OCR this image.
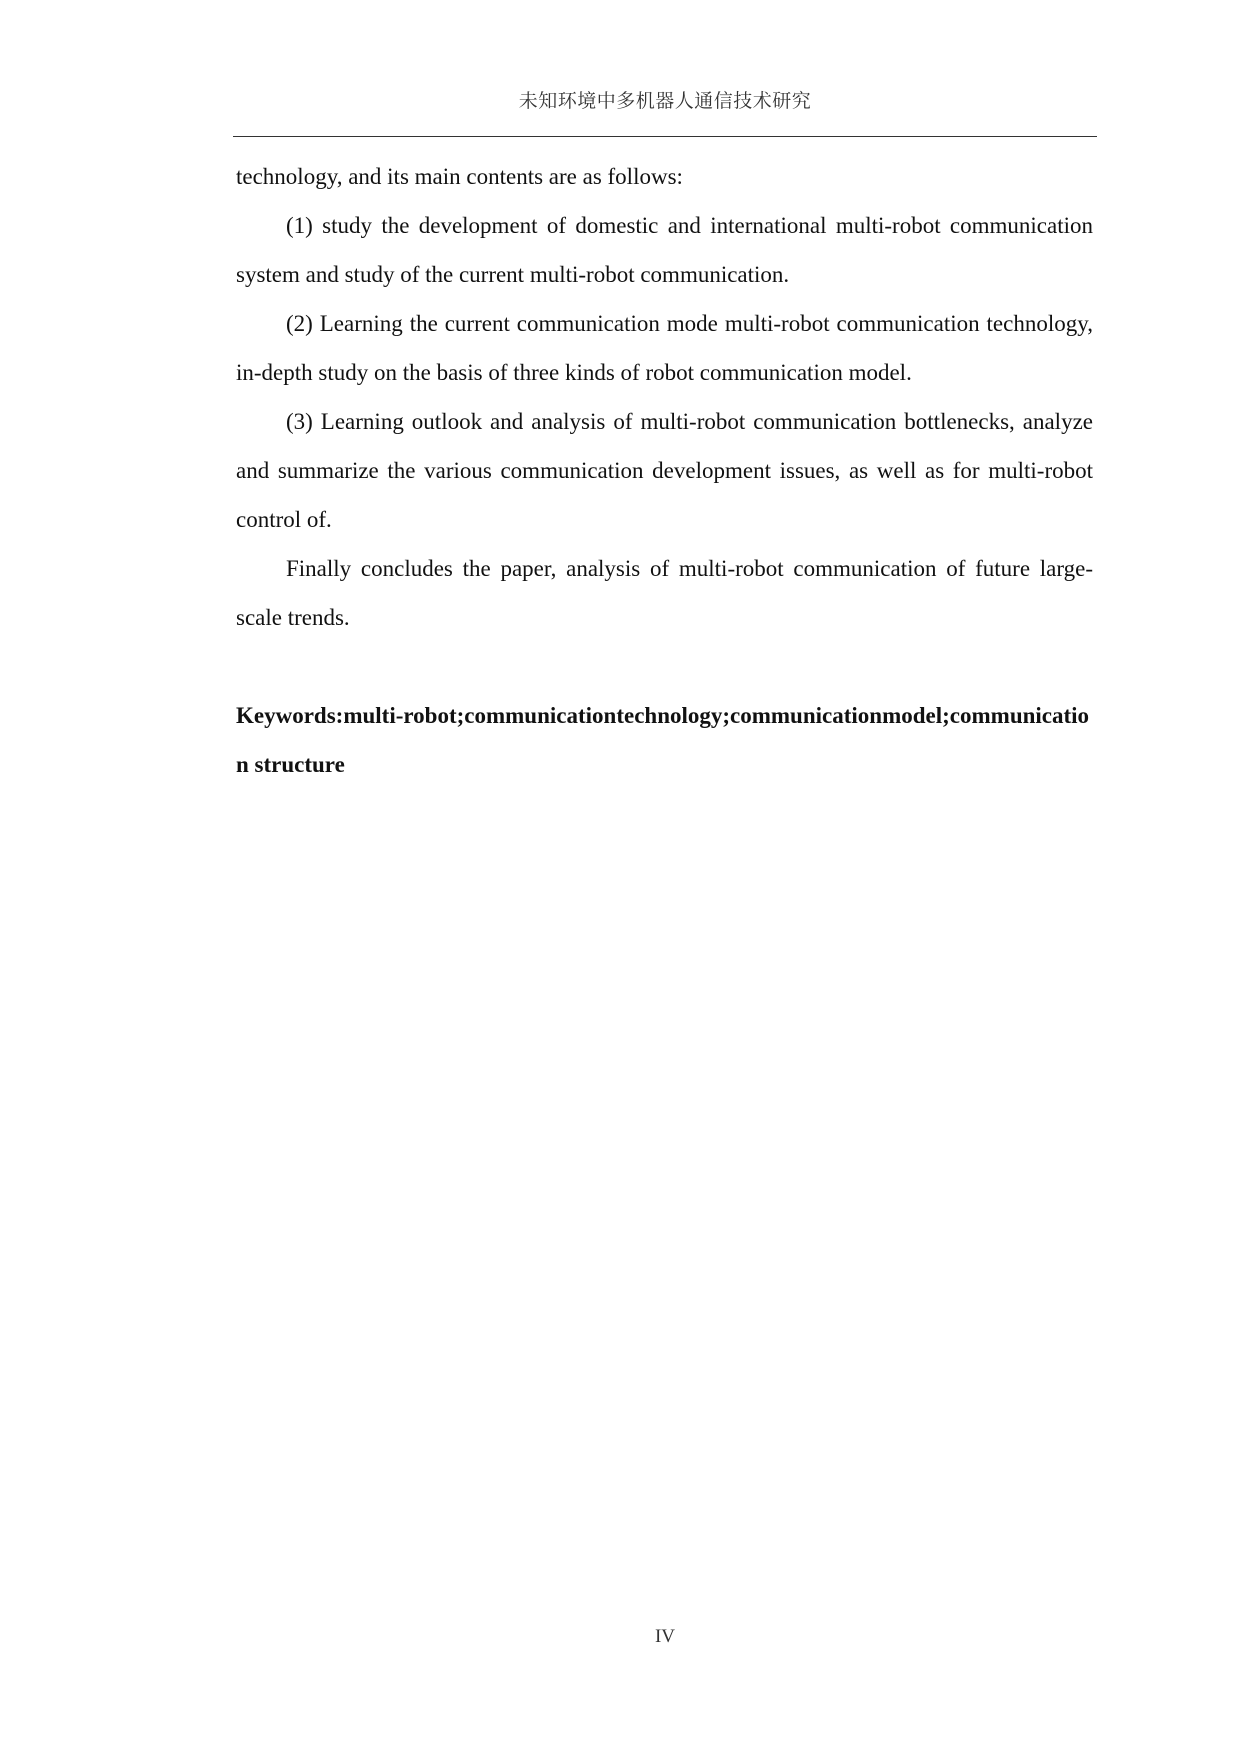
未知环境中多机器人通信技术研究

technology, and its main contents are as follows:

(1) study the development of domestic and international multi-robot communication system and study of the current multi-robot communication.

(2) Learning the current communication mode multi-robot communication technology, in-depth study on the basis of three kinds of robot communication model.

(3) Learning outlook and analysis of multi-robot communication bottlenecks, analyze and summarize the various communication development issues, as well as for multi-robot control of.

Finally concludes the paper, analysis of multi-robot communication of future large-scale trends.

Keywords:multi-robot;communicationtechnology;communicationmodel;communication structure

IV
